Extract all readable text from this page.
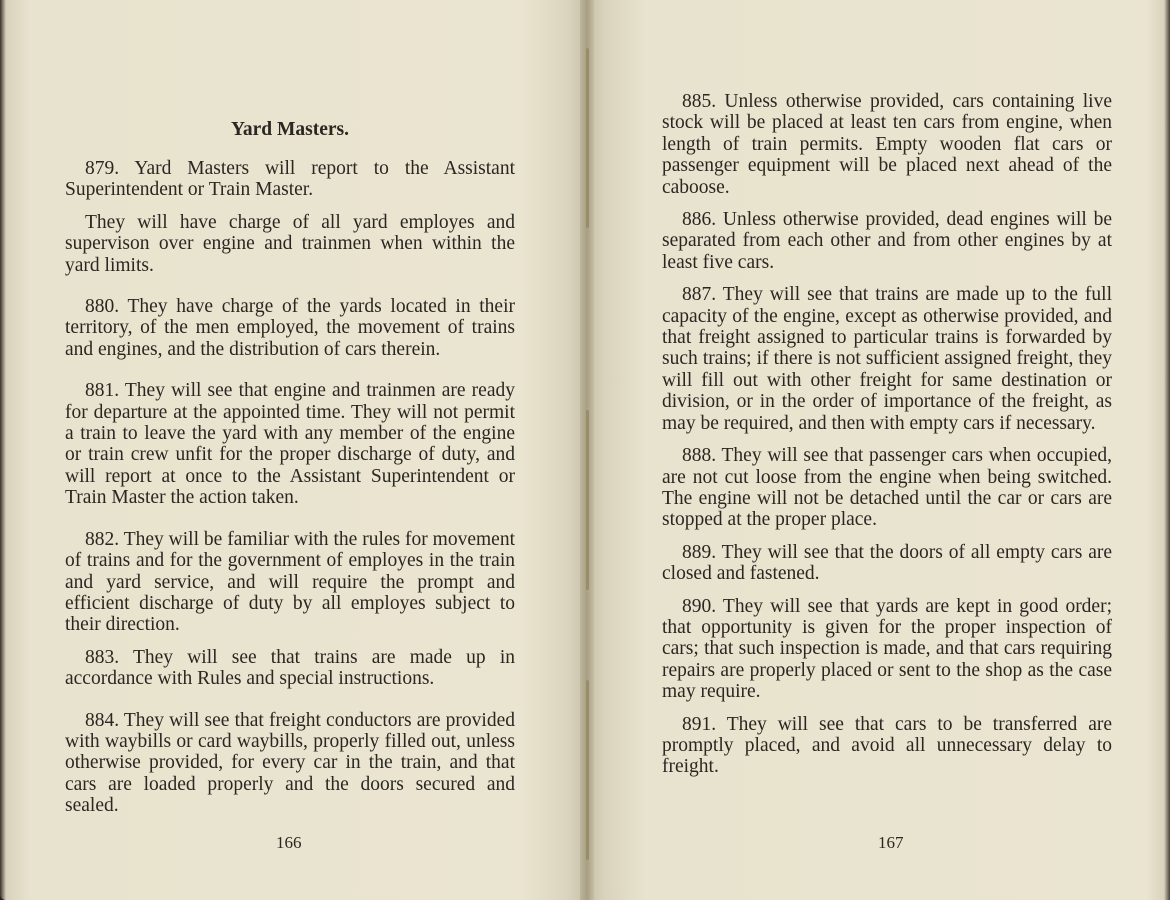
Yard Masters.

879. Yard Masters will report to the Assistant Superintendent or Train Master.

They will have charge of all yard employes and supervison over engine and trainmen when within the yard limits.

880. They have charge of the yards located in their territory, of the men employed, the movement of trains and engines, and the distribution of cars therein.

881. They will see that engine and trainmen are ready for departure at the appointed time. They will not permit a train to leave the yard with any member of the engine or train crew unfit for the proper discharge of duty, and will report at once to the Assistant Superintendent or Train Master the action taken.

882. They will be familiar with the rules for movement of trains and for the government of employes in the train and yard service, and will require the prompt and efficient discharge of duty by all employes subject to their direction.

883. They will see that trains are made up in accordance with Rules and special instructions.

884. They will see that freight conductors are provided with waybills or card waybills, properly filled out, unless otherwise provided, for every car in the train, and that cars are loaded properly and the doors secured and sealed.

166

885. Unless otherwise provided, cars containing live stock will be placed at least ten cars from engine, when length of train permits. Empty wooden flat cars or passenger equipment will be placed next ahead of the caboose.

886. Unless otherwise provided, dead engines will be separated from each other and from other engines by at least five cars.

887. They will see that trains are made up to the full capacity of the engine, except as otherwise provided, and that freight assigned to particular trains is forwarded by such trains; if there is not sufficient assigned freight, they will fill out with other freight for same destination or division, or in the order of importance of the freight, as may be required, and then with empty cars if necessary.

888. They will see that passenger cars when occupied, are not cut loose from the engine when being switched. The engine will not be detached until the car or cars are stopped at the proper place.

889. They will see that the doors of all empty cars are closed and fastened.

890. They will see that yards are kept in good order; that opportunity is given for the proper inspection of cars; that such inspection is made, and that cars requiring repairs are properly placed or sent to the shop as the case may require.

891. They will see that cars to be transferred are promptly placed, and avoid all unnecessary delay to freight.

167
